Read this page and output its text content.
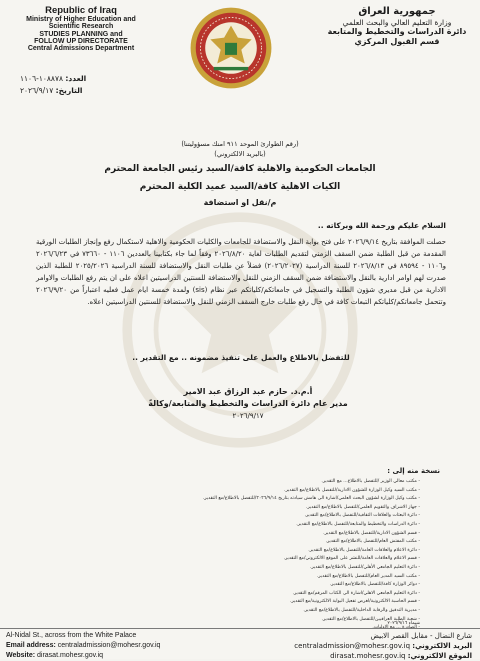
Republic of Iraq
Ministry of Higher Education and
Scientific Research
STUDIES PLANNING and
FOLLOW UP DIRECTORATE
Central Admissions Department
العدد: ١٠٨٨٧٨-١١٠٦
التاريخ: ٢٠٢٦/٩/١٧
جمهورية العراق
وزارة التعليم العالي والبحث العلمي
دائرة الدراسات والتخطيط والمتابعة
قسم القبول المركزي
(رقم الطوارئ الموحد ٩١١ امنك مسؤوليتنا)
(بالبريد الالكتروني)
الجامعات الحكومية والاهلية كافة/السيد رئيس الجامعة المحترم
الكيات الاهلية كافة/السيد عميد الكلية المحترم
م/نقل او استضافة
السلام عليكم ورحمة الله وبركاته ..
حصلت الموافقة بتاريخ ٢٠٢٦/٩/١٤ على فتح بوابة النقل والاستضافة للجامعات والكليات الحكومية والاهلية لاستكمال رفع وإنجاز الطلبات الورقية المقدمة من قبل الطلبة ضمن السقف الزمني لتقديم الطلبات لغاية ٢٠٢٦/٨/٢٠ وفقاً لما جاء بكتابينا بالعددين ١١٠٦ - ٧٣٦٦٠ في ٢٠٢٦/٦/٢٣ و١١٠٦ - ٨٩٥٩٤ في ٢٠٢٦/٨/١٣ للسنة الدراسية (٢٠٢٦/٢٠٢٧) فضلاً عن طلبات النقل والاستضافة للسنة الدراسية ٢٠٢٥/٢٠٢٦ للطلبة الذين صدرت لهم اوامر ادارية بالنقل والاستضافة ضمن السقف الزمني للنقل والاستضافة للسنتين الدراسيتين اعلاه على ان يتم رفع الطلبات والاوامر الادارية من قبل مديري شؤون الطلبة والتسجيل في جامعاتكم/كلياتكم عبر نظام (sis) ولمدة خمسة ايام عمل فعليه اعتباراً من ٢٠٢٦/٩/٢٠ وتتحمل جامعاتكم/كلياتكم التبعات كافة في حال رفع طلبات خارج السقف الزمني للنقل والاستضافة للسنتين الدراسيتين اعلاه.
للتفضل بالاطلاع والعمل على تنفيذ مضمونه .. مع التقدير ..
أ.م.د. حازم عبد الرزاق عبد الامير
مدير عام دائرة الدراسات والتخطيط والمتابعة/وكالةً
٢٠٢٦/٩/١٧
نسخة منه إلى :
- مكتب معالي الوزير /للتفضل بالاطلاع... مع التقدير.
- مكتب السيد وكيل الوزارة للشؤون الادارية/للتفضل بالاطلاع/مع التقدير.
- مكتب وكيل الوزارة لشؤون البحث العلمي/اشارة الى هامش سيادته بتاريخ ٢٠٢٦/٩/١٤/للتفضل بالاطلاع/مع التقدير.
- جهاز الاشراف والتقويم العلمي/للتفضل بالاطلاع/مع التقدير.
- دائرة البعثات والعلاقات الثقافية/للتفضل بالاطلاع/مع التقدير.
- دائرة الدراسات والتخطيط والمتابعة/للتفضل بالاطلاع/مع التقدير.
- قسم الشؤون الادارية/للتفضل بالاطلاع/مع التقدير.
- مكتب المفتش العام/للتفضل بالاطلاع/مع التقدير.
- دائرة الاعلام والعلاقات العامة/للتفضل بالاطلاع/مع التقدير.
- قسم الاعلام والعلاقات العامة/للنشر على الموقع الالكتروني/مع التقدير.
- دائرة التعليم الجامعي الأهلي/للتفضل بالاطلاع/مع التقدير.
- مكتب السيد المدير العام/للتفضل بالاطلاع/مع التقدير.
- دوائر الوزارة كافة/للتفضل بالاطلاع/مع التقدير.
- دائرة التعليم الجامعي الاهلي/اشارة الى الكتاب المرقم/مع التقدير.
- قسم الحاسبة الالكترونية/لغرض تفعيل البوابة الالكترونية/مع التقدير.
- مديرية التدقيق والرقابة الداخلية/للتفضل بالاطلاع/مع التقدير.
- شعبة الطلبة العراقيين/للتفضل بالاطلاع/مع التقدير.
- الصادرة ... مع الاوليات.
شيماء ٢٠٢٦/٩/١٦
Al-Nidal St., across from the White Palace
Email address: centraladmission@mohesr.gov.iq
Website: dirasat.mohesr.gov.iq
شارع النضال - مقابل القصر الابيض
البريد الالكتروني: centraladmission@mohesr.gov.iq
الموقع الالكتروني: dirasat.mohesr.gov.iq
